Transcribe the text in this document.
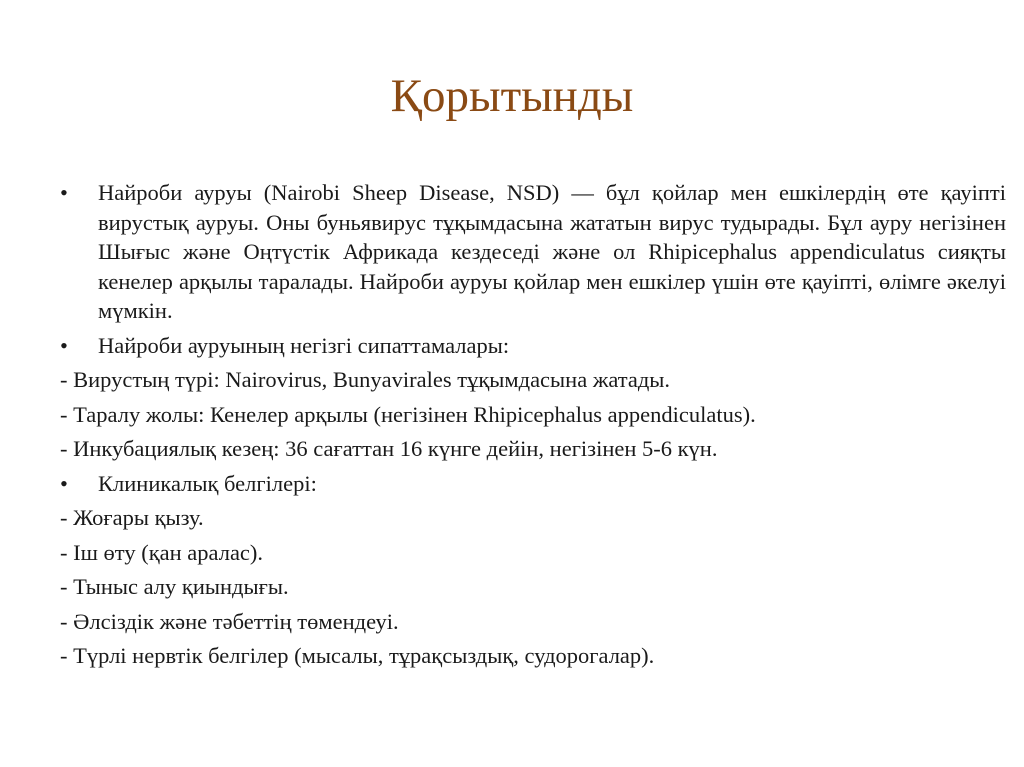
Қорытынды
• Найроби ауруы (Nairobi Sheep Disease, NSD) — бұл қойлар мен ешкілердің өте қауіпті вирустық ауруы. Оны буньявирус тұқымдасына жататын вирус тудырады. Бұл ауру негізінен Шығыс және Оңтүстік Африкада кездеседі және ол Rhipicephalus appendiculatus сияқты кенелер арқылы таралады. Найроби ауруы қойлар мен ешкілер үшін өте қауіпті, өлімге әкелуі мүмкін.
• Найроби ауруының негізгі сипаттамалары:
- Вирустың түрі: Nairovirus, Bunyavirales тұқымдасына жатады.
- Таралу жолы: Кенелер арқылы (негізінен Rhipicephalus appendiculatus).
- Инкубациялық кезең: 36 сағаттан 16 күнге дейін, негізінен 5-6 күн.
• Клиникалық белгілері:
- Жоғары қызу.
- Іш өту (қан аралас).
- Тыныс алу қиындығы.
- Әлсіздік және тәбеттің төмендеуі.
- Түрлі нервтік белгілер (мысалы, тұрақсыздық, судорогалар).
